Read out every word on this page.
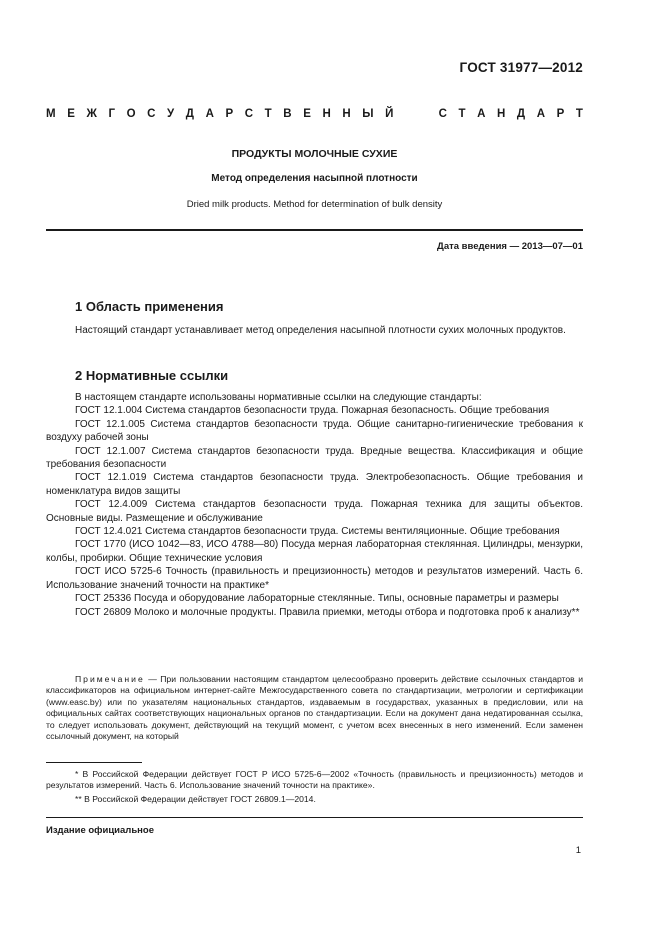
ГОСТ 31977—2012
М Е Ж Г О С У Д А Р С Т В Е Н Н Ы Й	С Т А Н Д А Р Т
ПРОДУКТЫ МОЛОЧНЫЕ СУХИЕ
Метод определения насыпной плотности
Dried milk products. Method for determination of bulk density
Дата введения — 2013—07—01
1 Область применения

Настоящий стандарт устанавливает метод определения насыпной плотности сухих молочных продуктов.

2 Нормативные ссылки

В настоящем стандарте использованы нормативные ссылки на следующие стандарты:

ГОСТ 12.1.004 Система стандартов безопасности труда. Пожарная безопасность. Общие требования

ГОСТ 12.1.005 Система стандартов безопасности труда. Общие санитарно-гигиенические требования к воздуху рабочей зоны

ГОСТ 12.1.007 Система стандартов безопасности труда. Вредные вещества. Классификация и общие требования безопасности

ГОСТ 12.1.019 Система стандартов безопасности труда. Электробезопасность. Общие требования и номенклатура видов защиты

ГОСТ 12.4.009 Система стандартов безопасности труда. Пожарная техника для защиты объектов. Основные виды. Размещение и обслуживание

ГОСТ 12.4.021 Система стандартов безопасности труда. Системы вентиляционные. Общие требования

ГОСТ 1770 (ИСО 1042—83, ИСО 4788—80) Посуда мерная лабораторная стеклянная. Цилиндры, мензурки, колбы, пробирки. Общие технические условия

ГОСТ ИСО 5725-6 Точность (правильность и прецизионность) методов и результатов измерений. Часть 6. Использование значений точности на практике*

ГОСТ 25336 Посуда и оборудование лабораторные стеклянные. Типы, основные параметры и размеры

ГОСТ 26809 Молоко и молочные продукты. Правила приемки, методы отбора и подготовка проб к анализу**

Примечание — При пользовании настоящим стандартом целесообразно проверить действие ссылочных стандартов и классификаторов на официальном интернет-сайте Межгосударственного совета по стандартизации, метрологии и сертификации (www.easc.by) или по указателям национальных стандартов, издаваемым в государствах, указанных в предисловии, или на официальных сайтах соответствующих национальных органов по стандартизации. Если на документ дана недатированная ссылка, то следует использовать документ, действующий на текущий момент, с учетом всех внесенных в него изменений. Если заменен ссылочный документ, на который

* В Российской Федерации действует ГОСТ Р ИСО 5725-6—2002 «Точность (правильность и прецизионность) методов и результатов измерений. Часть 6. Использование значений точности на практике».

** В Российской Федерации действует ГОСТ 26809.1—2014.

Издание официальное
1
